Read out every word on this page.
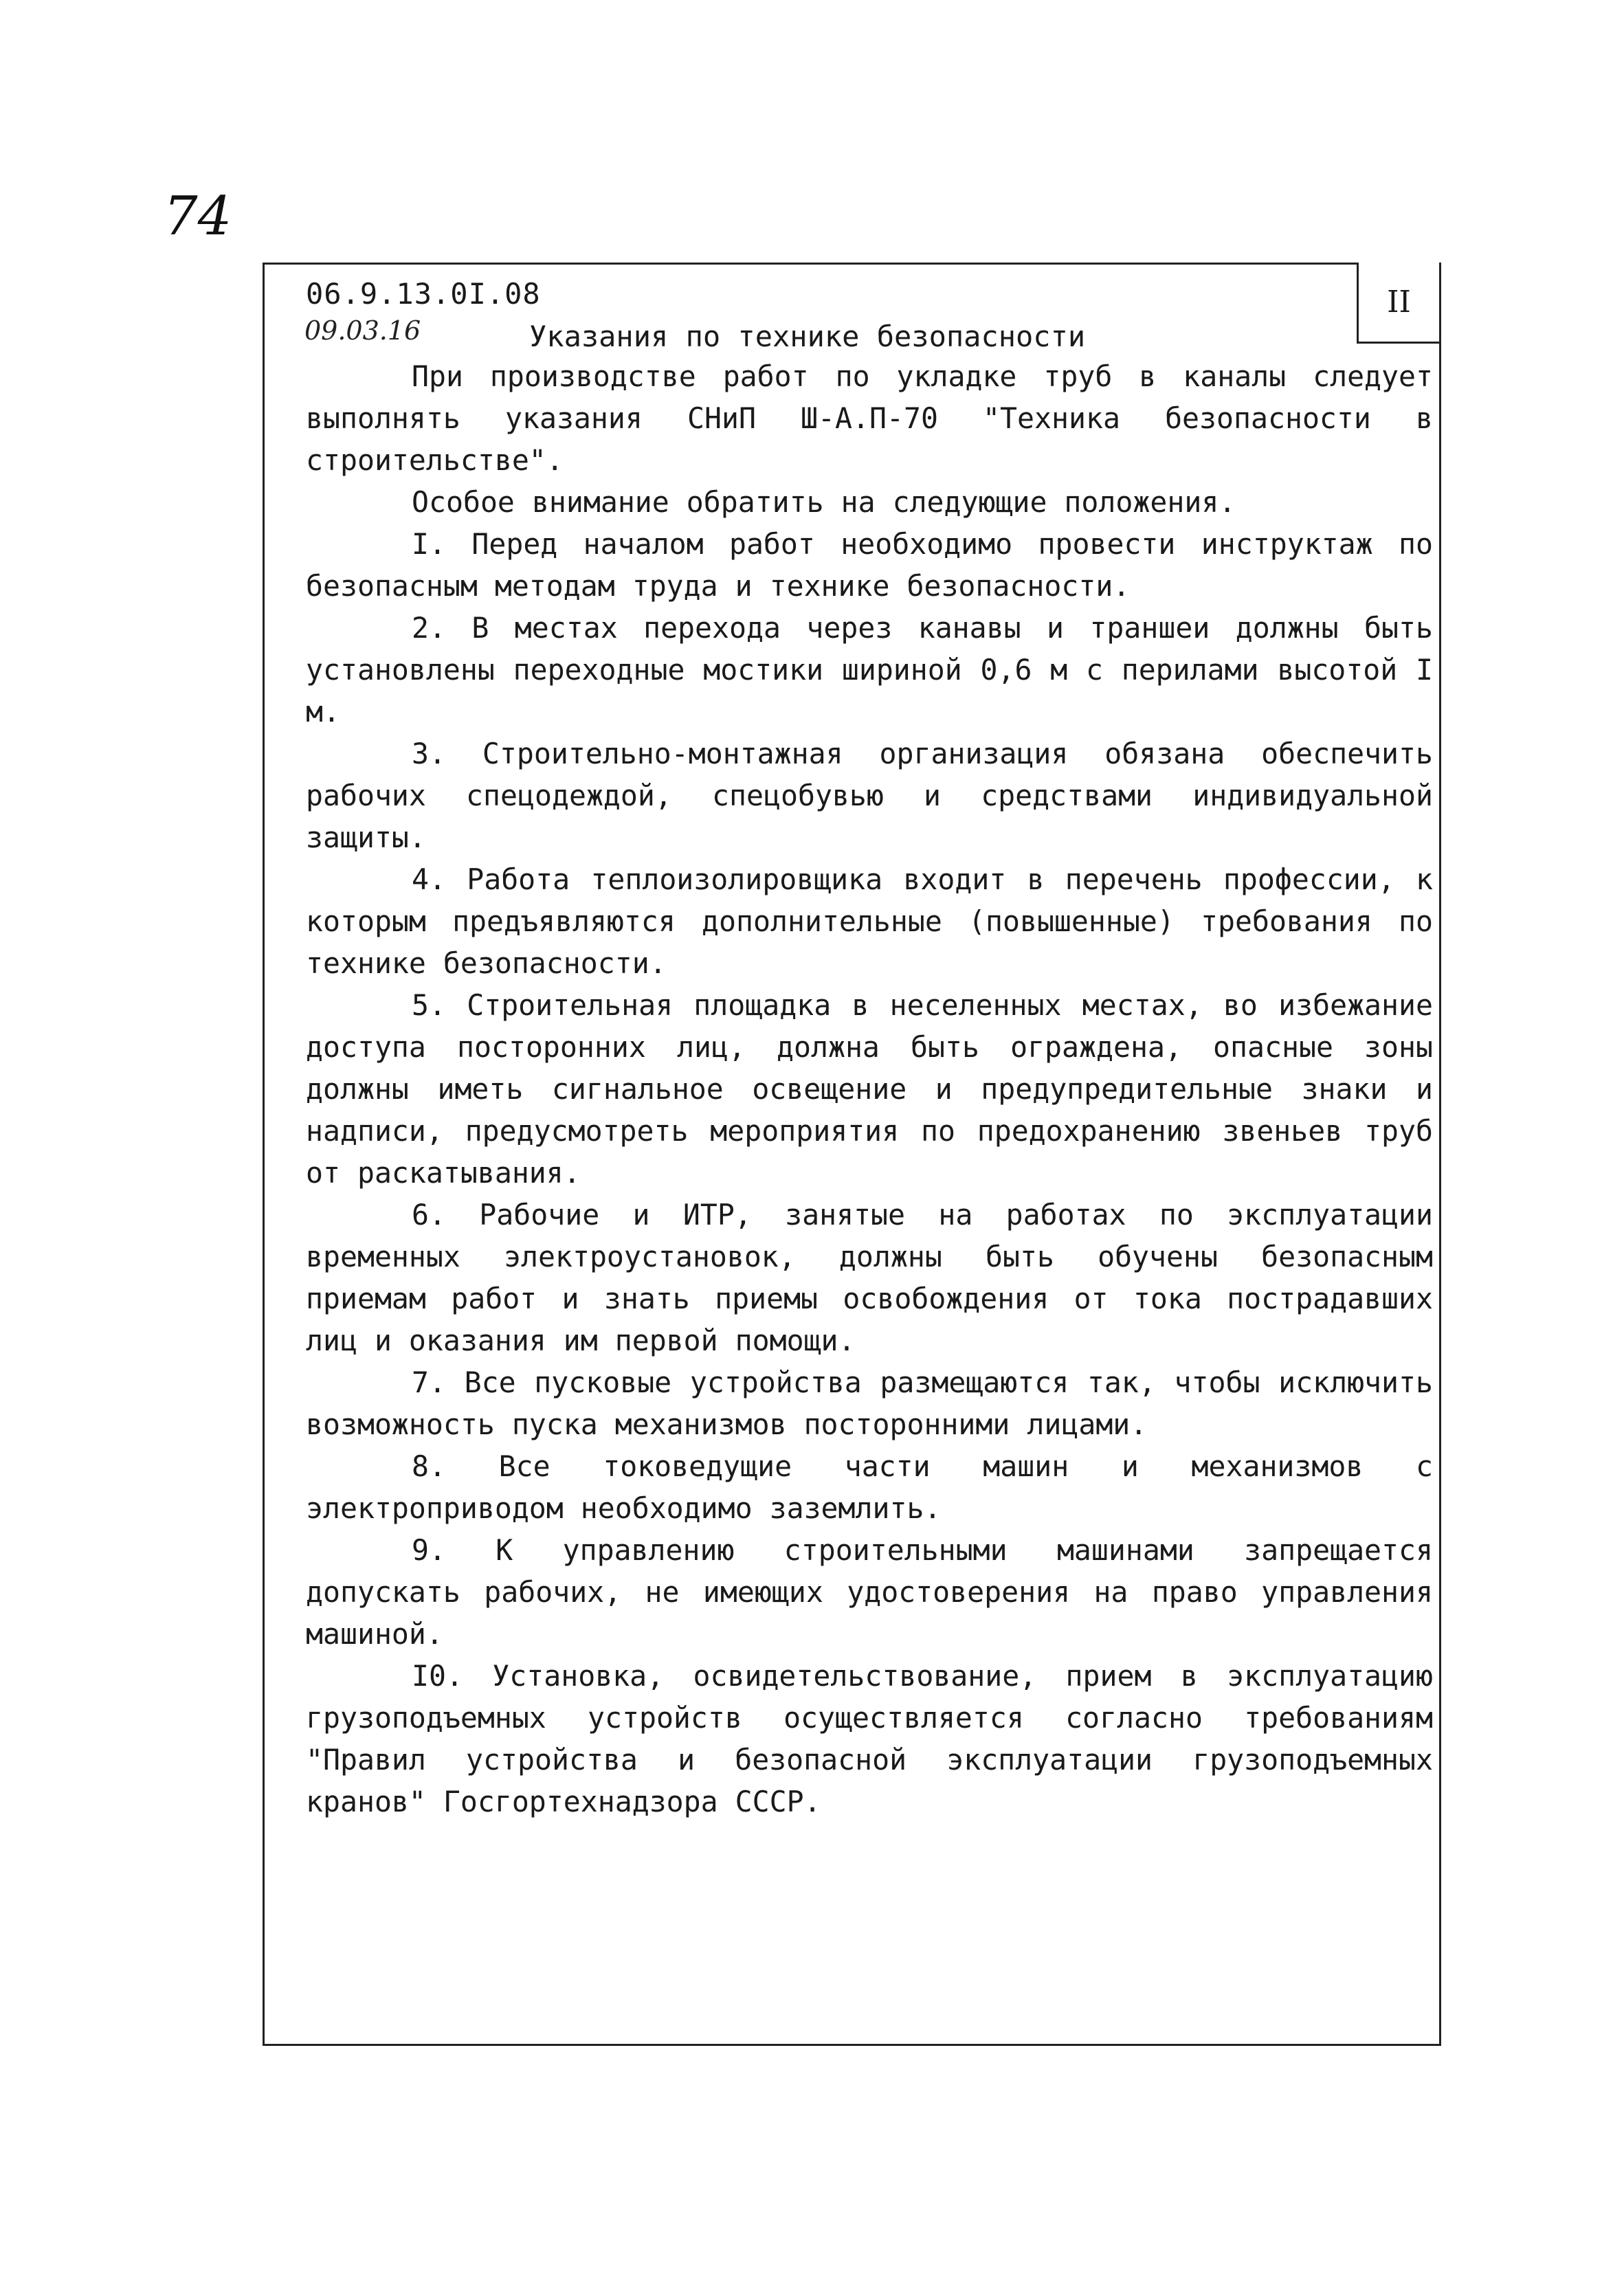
74
II
06.9.13.0I.08
09.03.16	Указания по технике безопасности

При производстве работ по укладке труб в каналы следует выполнять указания СНиП Ш-А.П-70 "Техника безопасности в строительстве".

Особое внимание обратить на следующие положения.

I. Перед началом работ необходимо провести инструктаж по безопасным методам труда и технике безопасности.

2. В местах перехода через канавы и траншеи должны быть установлены переходные мостики шириной 0,6 м с перилами высотой I м.

3. Строительно-монтажная организация обязана обеспечить рабочих спецодеждой, спецобувью и средствами индивидуальной защиты.

4. Работа теплоизолировщика входит в перечень профессии, к которым предъявляются дополнительные (повышенные) требования по технике безопасности.

5. Строительная площадка в неселенных местах, во избежание доступа посторонних лиц, должна быть ограждена, опасные зоны должны иметь сигнальное освещение и предупредительные знаки и надписи, предусмотреть мероприятия по предохранению звеньев труб от раскатывания.

6. Рабочие и ИТР, занятые на работах по эксплуатации временных электроустановок, должны быть обучены безопасным приемам работ и знать приемы освобождения от тока пострадавших лиц и оказания им первой помощи.

7. Все пусковые устройства размещаются так, чтобы исключить возможность пуска механизмов посторонними лицами.

8. Все токоведущие части машин и механизмов с электроприводом необходимо заземлить.

9. К управлению строительными машинами запрещается допускать рабочих, не имеющих удостоверения на право управления машиной.

I0. Установка, освидетельствование, прием в эксплуатацию грузоподъемных устройств осуществляется согласно требованиям "Правил устройства и безопасной эксплуатации грузоподъемных кранов" Госгортехнадзора СССР.
